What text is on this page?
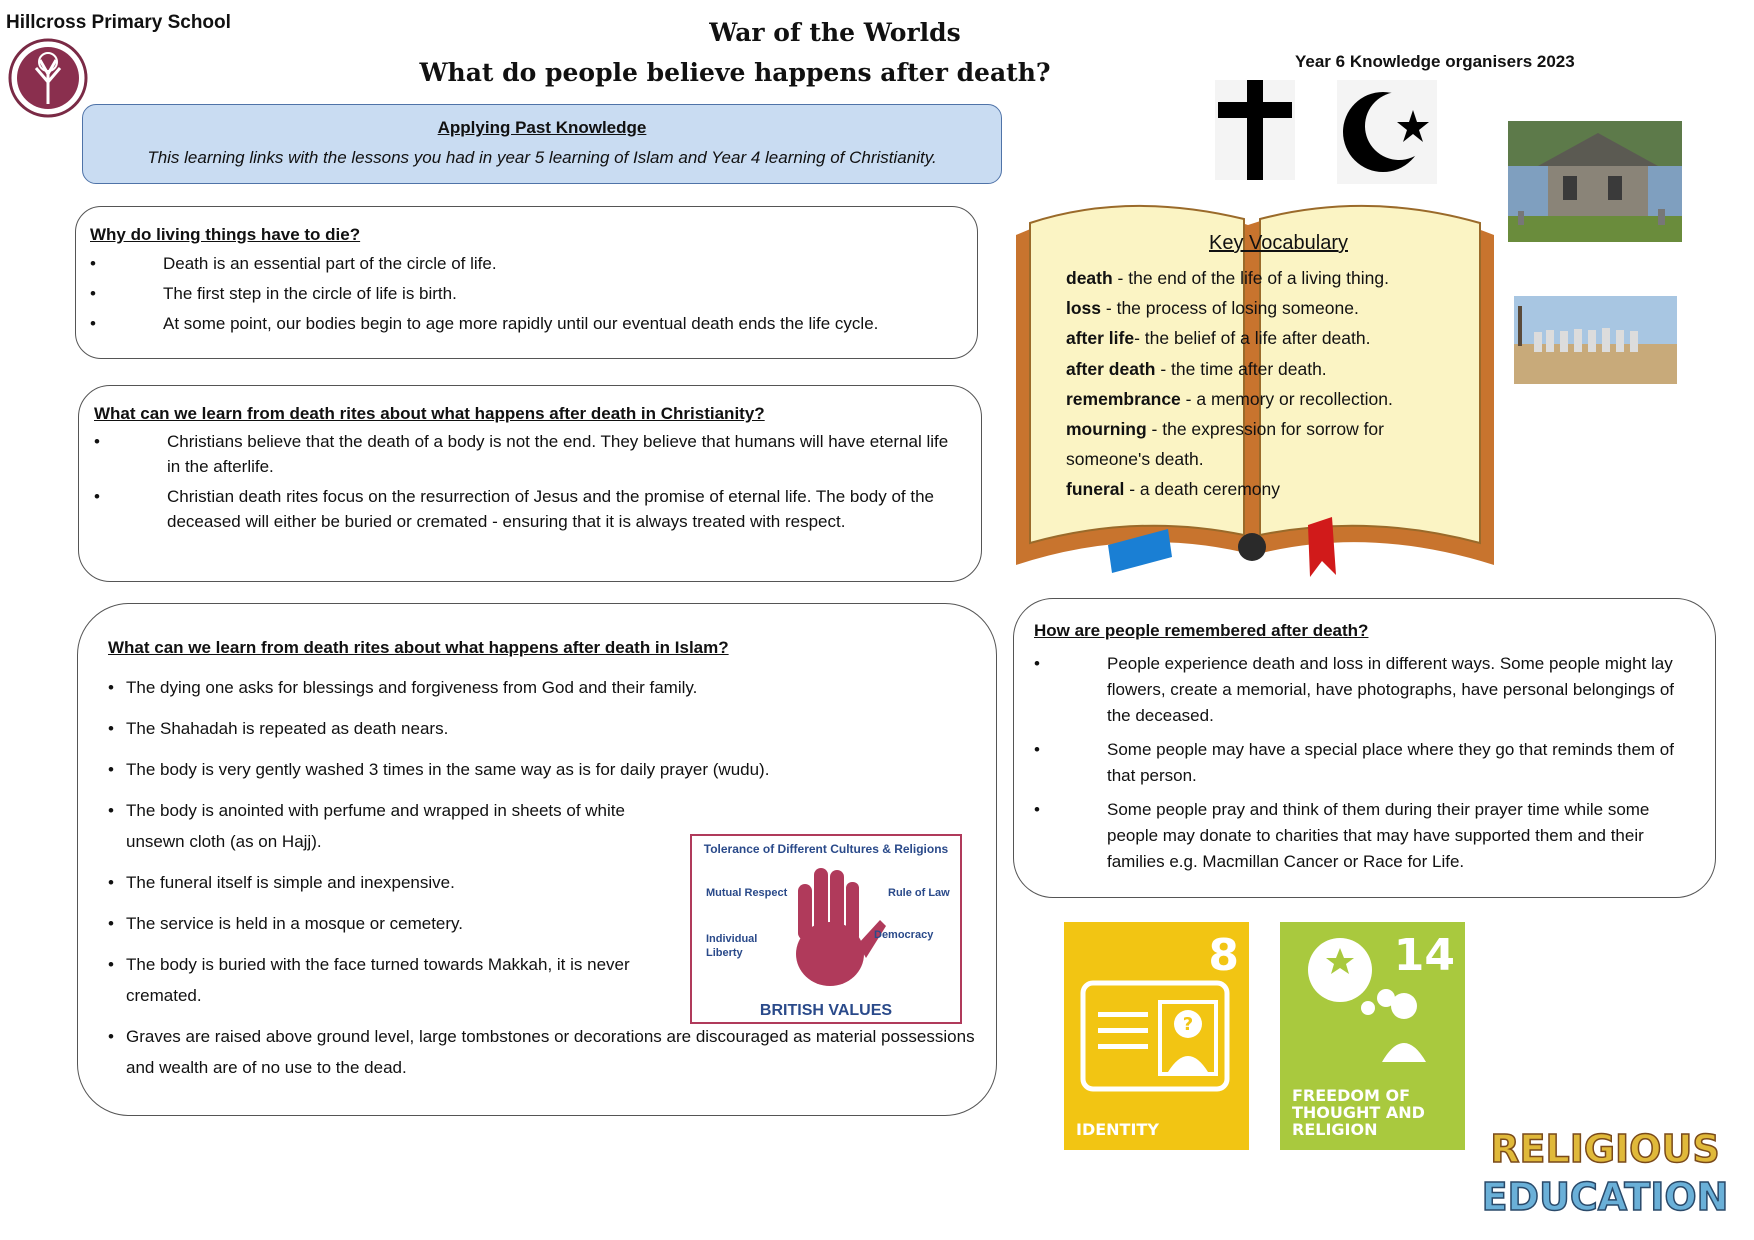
Hillcross Primary School	War of the Worlds
What do people believe happens after death?	Year 6 Knowledge organisers 2023
Applying Past Knowledge
This learning links with the lessons you had in year 5 learning of Islam and Year 4 learning of Christianity.
Why do living things have to die?
•	Death is an essential part of the circle of life.
•	The first step in the circle of life is birth.
•	At some point, our bodies begin to age more rapidly until our eventual death ends the life cycle.
What can we learn from death rites about what happens after death in Christianity?
•	Christians believe that the death of a body is not the end. They believe that humans will have eternal life in the afterlife.
•	Christian death rites focus on the resurrection of Jesus and the promise of eternal life. The body of the deceased will either be buried or cremated - ensuring that it is always treated with respect.
What can we learn from death rites about what happens after death in Islam?
• The dying one asks for blessings and forgiveness from God and their family.
• The Shahadah is repeated as death nears.
• The body is very gently washed 3 times in the same way as is for daily prayer (wudu).
• The body is anointed with perfume and wrapped in sheets of white unsewn cloth (as on Hajj).
• The funeral itself is simple and inexpensive.
• The service is held in a mosque or cemetery.
• The body is buried with the face turned towards Makkah, it is never cremated.
• Graves are raised above ground level, large tombstones or decorations are discouraged as material possessions and wealth are of no use to the dead.
Tolerance of Different Cultures & Religions
Mutual Respect	Rule of Law
Individual Liberty
Democracy
BRITISH VALUES
Key Vocabulary
death - the end of the life of a living thing.
loss - the process of losing someone.
after life- the belief of a life after death.
after death - the time after death.
remembrance - a memory or recollection.
mourning - the expression for sorrow for someone's death.
funeral - a death ceremony
How are people remembered after death?
•	People experience death and loss in different ways. Some people might lay flowers, create a memorial, have photographs, have personal belongings of the deceased.
•	Some people may have a special place where they go that reminds them of that person.
•	Some people pray and think of them during their prayer time while some people may donate to charities that may have supported them and their families e.g. Macmillan Cancer or Race for Life.
8
?
IDENTITY
14
FREEDOM OF
THOUGHT AND
RELIGION	RELIGIOUS
EDUCATION
